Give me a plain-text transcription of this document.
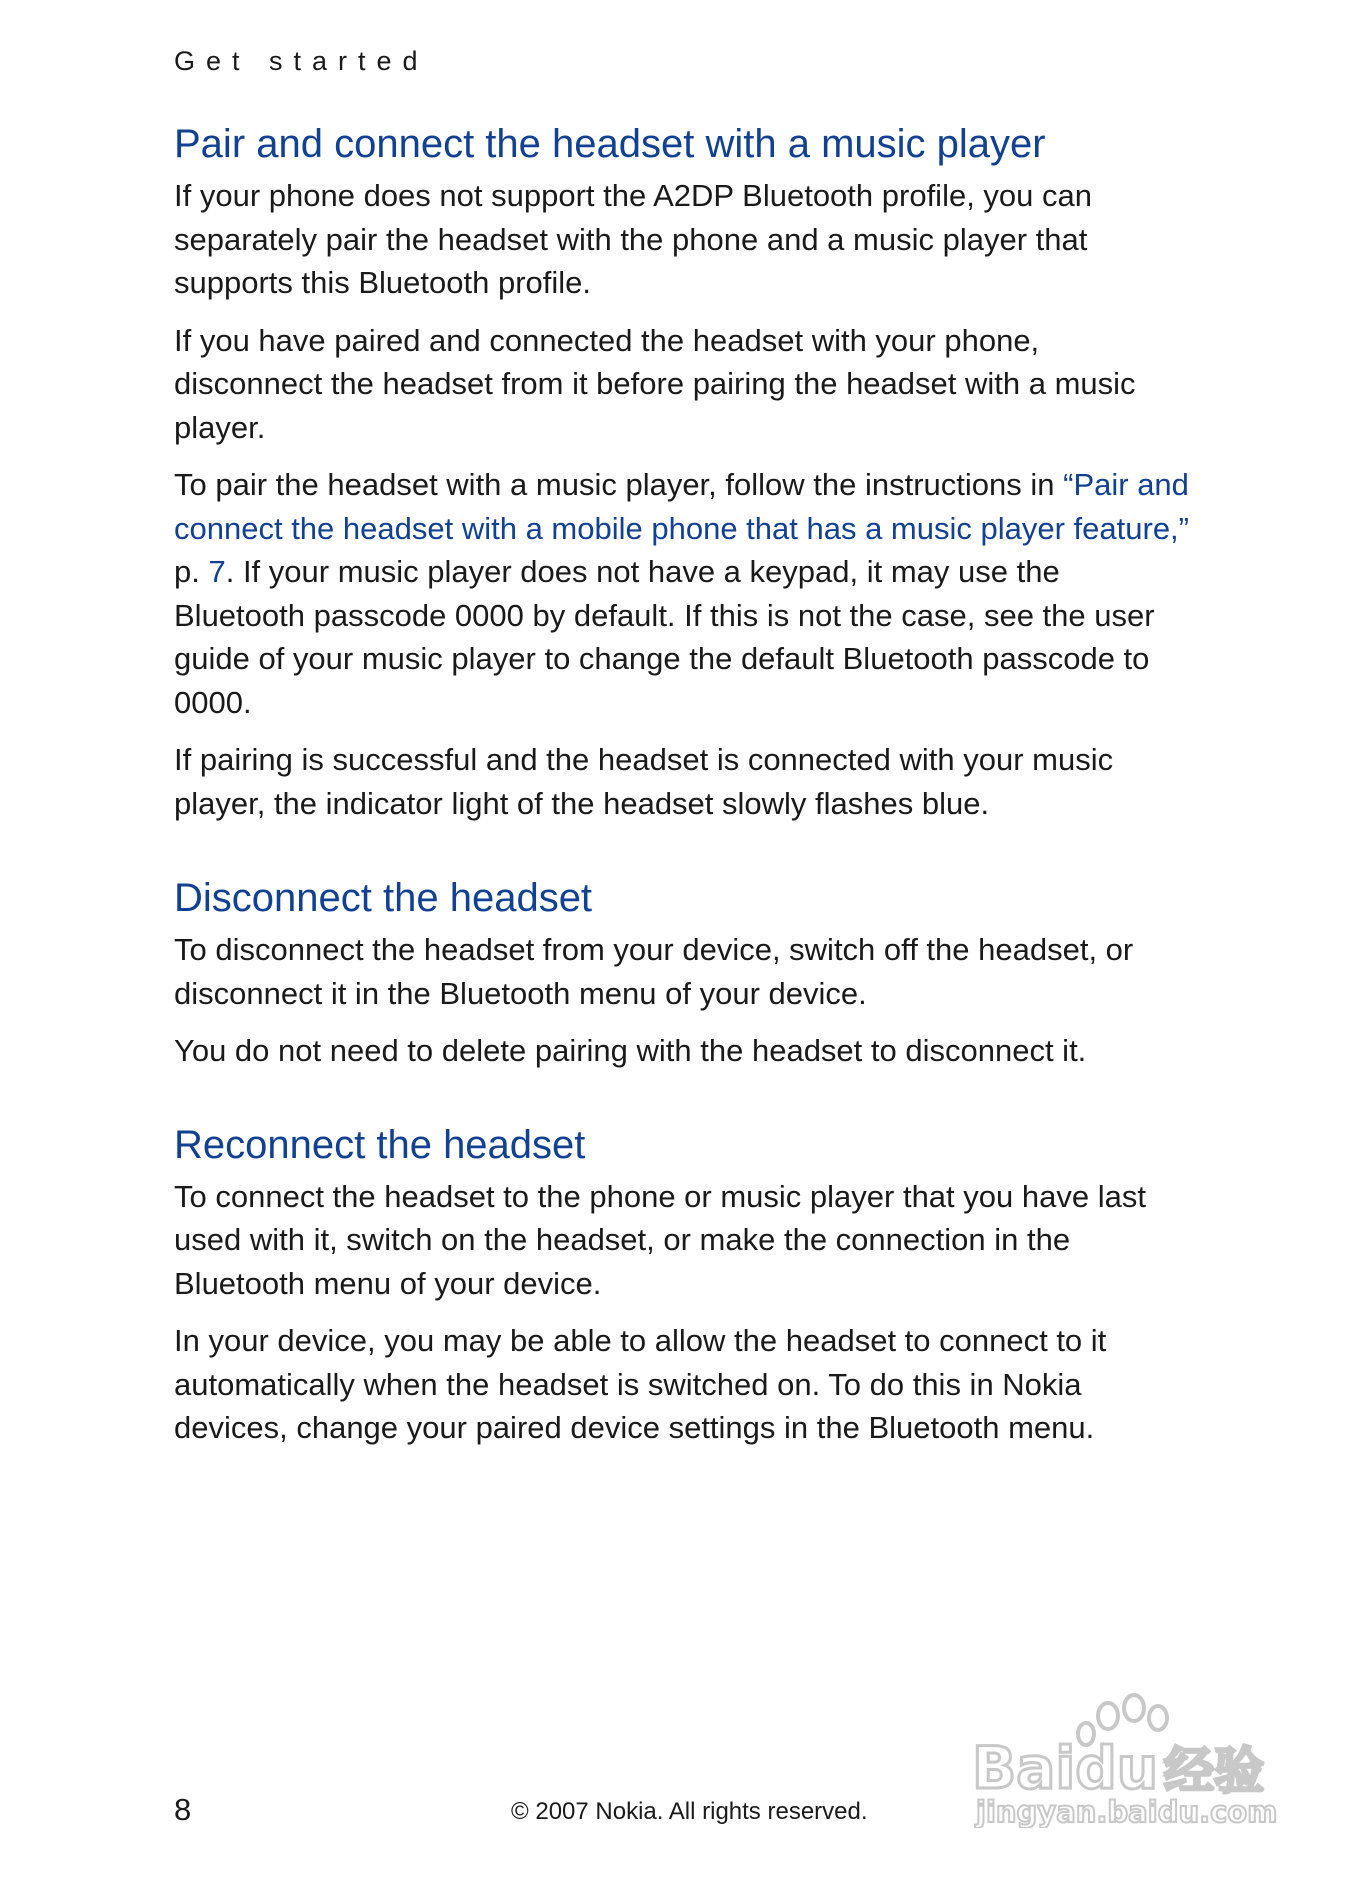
Get started
Pair and connect the headset with a music player

If your phone does not support the A2DP Bluetooth profile, you can separately pair the headset with the phone and a music player that supports this Bluetooth profile.

If you have paired and connected the headset with your phone, disconnect the headset from it before pairing the headset with a music player.

To pair the headset with a music player, follow the instructions in “Pair and connect the headset with a mobile phone that has a music player feature,” p. 7. If your music player does not have a keypad, it may use the Bluetooth passcode 0000 by default. If this is not the case, see the user guide of your music player to change the default Bluetooth passcode to 0000.

If pairing is successful and the headset is connected with your music player, the indicator light of the headset slowly flashes blue.

Disconnect the headset

To disconnect the headset from your device, switch off the headset, or disconnect it in the Bluetooth menu of your device.

You do not need to delete pairing with the headset to disconnect it.

Reconnect the headset

To connect the headset to the phone or music player that you have last used with it, switch on the headset, or make the connection in the Bluetooth menu of your device.

In your device, you may be able to allow the headset to connect to it automatically when the headset is switched on. To do this in Nokia devices, change your paired device settings in the Bluetooth menu.

8	© 2007 Nokia. All rights reserved.
Baidu 经验
jingyan.baidu.com
